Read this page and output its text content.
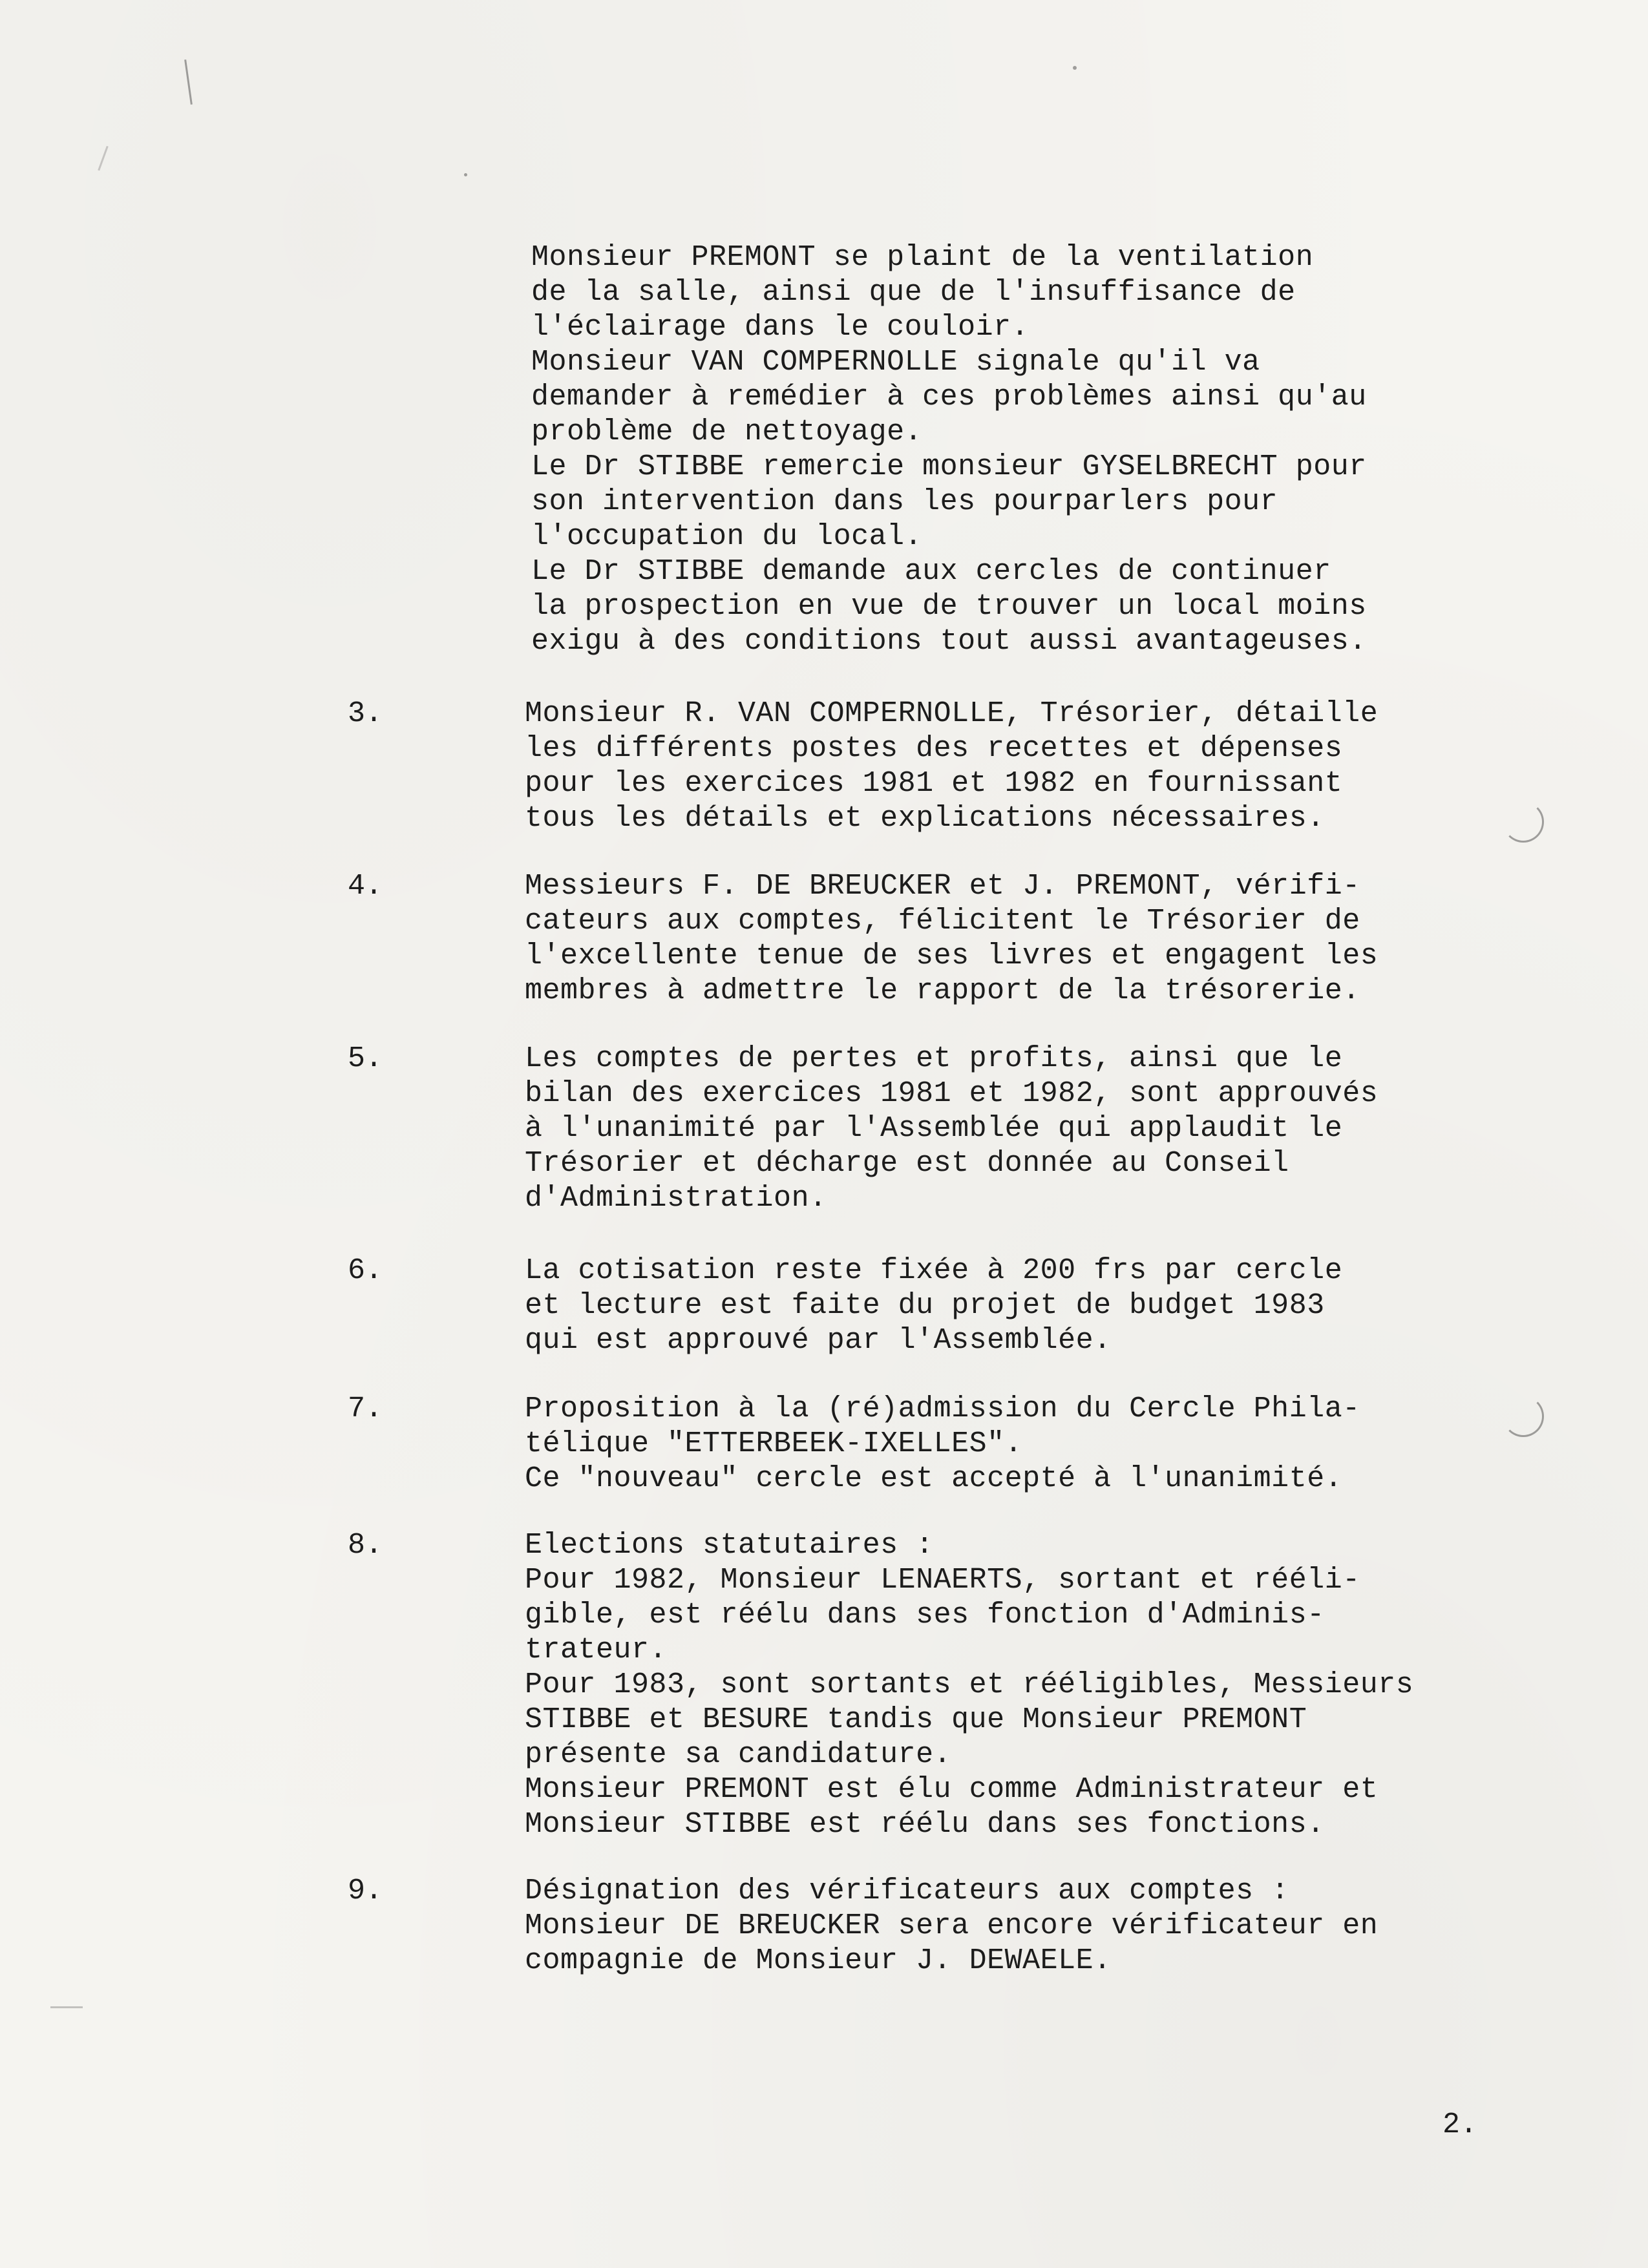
Monsieur PREMONT se plaint de la ventilation
de la salle, ainsi que de l'insuffisance de
l'éclairage dans le couloir.
Monsieur VAN COMPERNOLLE signale qu'il va
demander à remédier à ces problèmes ainsi qu'au
problème de nettoyage.
Le Dr STIBBE remercie monsieur GYSELBRECHT pour
son intervention dans les pourparlers pour
l'occupation du local.
Le Dr STIBBE demande aux cercles de continuer
la prospection en vue de trouver un local moins
exigu à des conditions tout aussi avantageuses.
3.	Monsieur R. VAN COMPERNOLLE, Trésorier, détaille
les différents postes des recettes et dépenses
pour les exercices 1981 et 1982 en fournissant
tous les détails et explications nécessaires.
4.	Messieurs F. DE BREUCKER et J. PREMONT, vérifi-
cateurs aux comptes, félicitent le Trésorier de
l'excellente tenue de ses livres et engagent les
membres à admettre le rapport de la trésorerie.
5.	Les comptes de pertes et profits, ainsi que le
bilan des exercices 1981 et 1982, sont approuvés
à l'unanimité par l'Assemblée qui applaudit le
Trésorier et décharge est donnée au Conseil
d'Administration.
6.	La cotisation reste fixée à 200 frs par cercle
et lecture est faite du projet de budget 1983
qui est approuvé par l'Assemblée.
7.	Proposition à la (ré)admission du Cercle Phila-
télique "ETTERBEEK-IXELLES".
Ce "nouveau" cercle est accepté à l'unanimité.
8.	Elections statutaires :
Pour 1982, Monsieur LENAERTS, sortant et rééli-
gible, est réélu dans ses fonction d'Adminis-
trateur.
Pour 1983, sont sortants et rééligibles, Messieurs
STIBBE et BESURE tandis que Monsieur PREMONT
présente sa candidature.
Monsieur PREMONT est élu comme Administrateur et
Monsieur STIBBE est réélu dans ses fonctions.
9.	Désignation des vérificateurs aux comptes :
Monsieur DE BREUCKER sera encore vérificateur en
compagnie de Monsieur J. DEWAELE.
2.
